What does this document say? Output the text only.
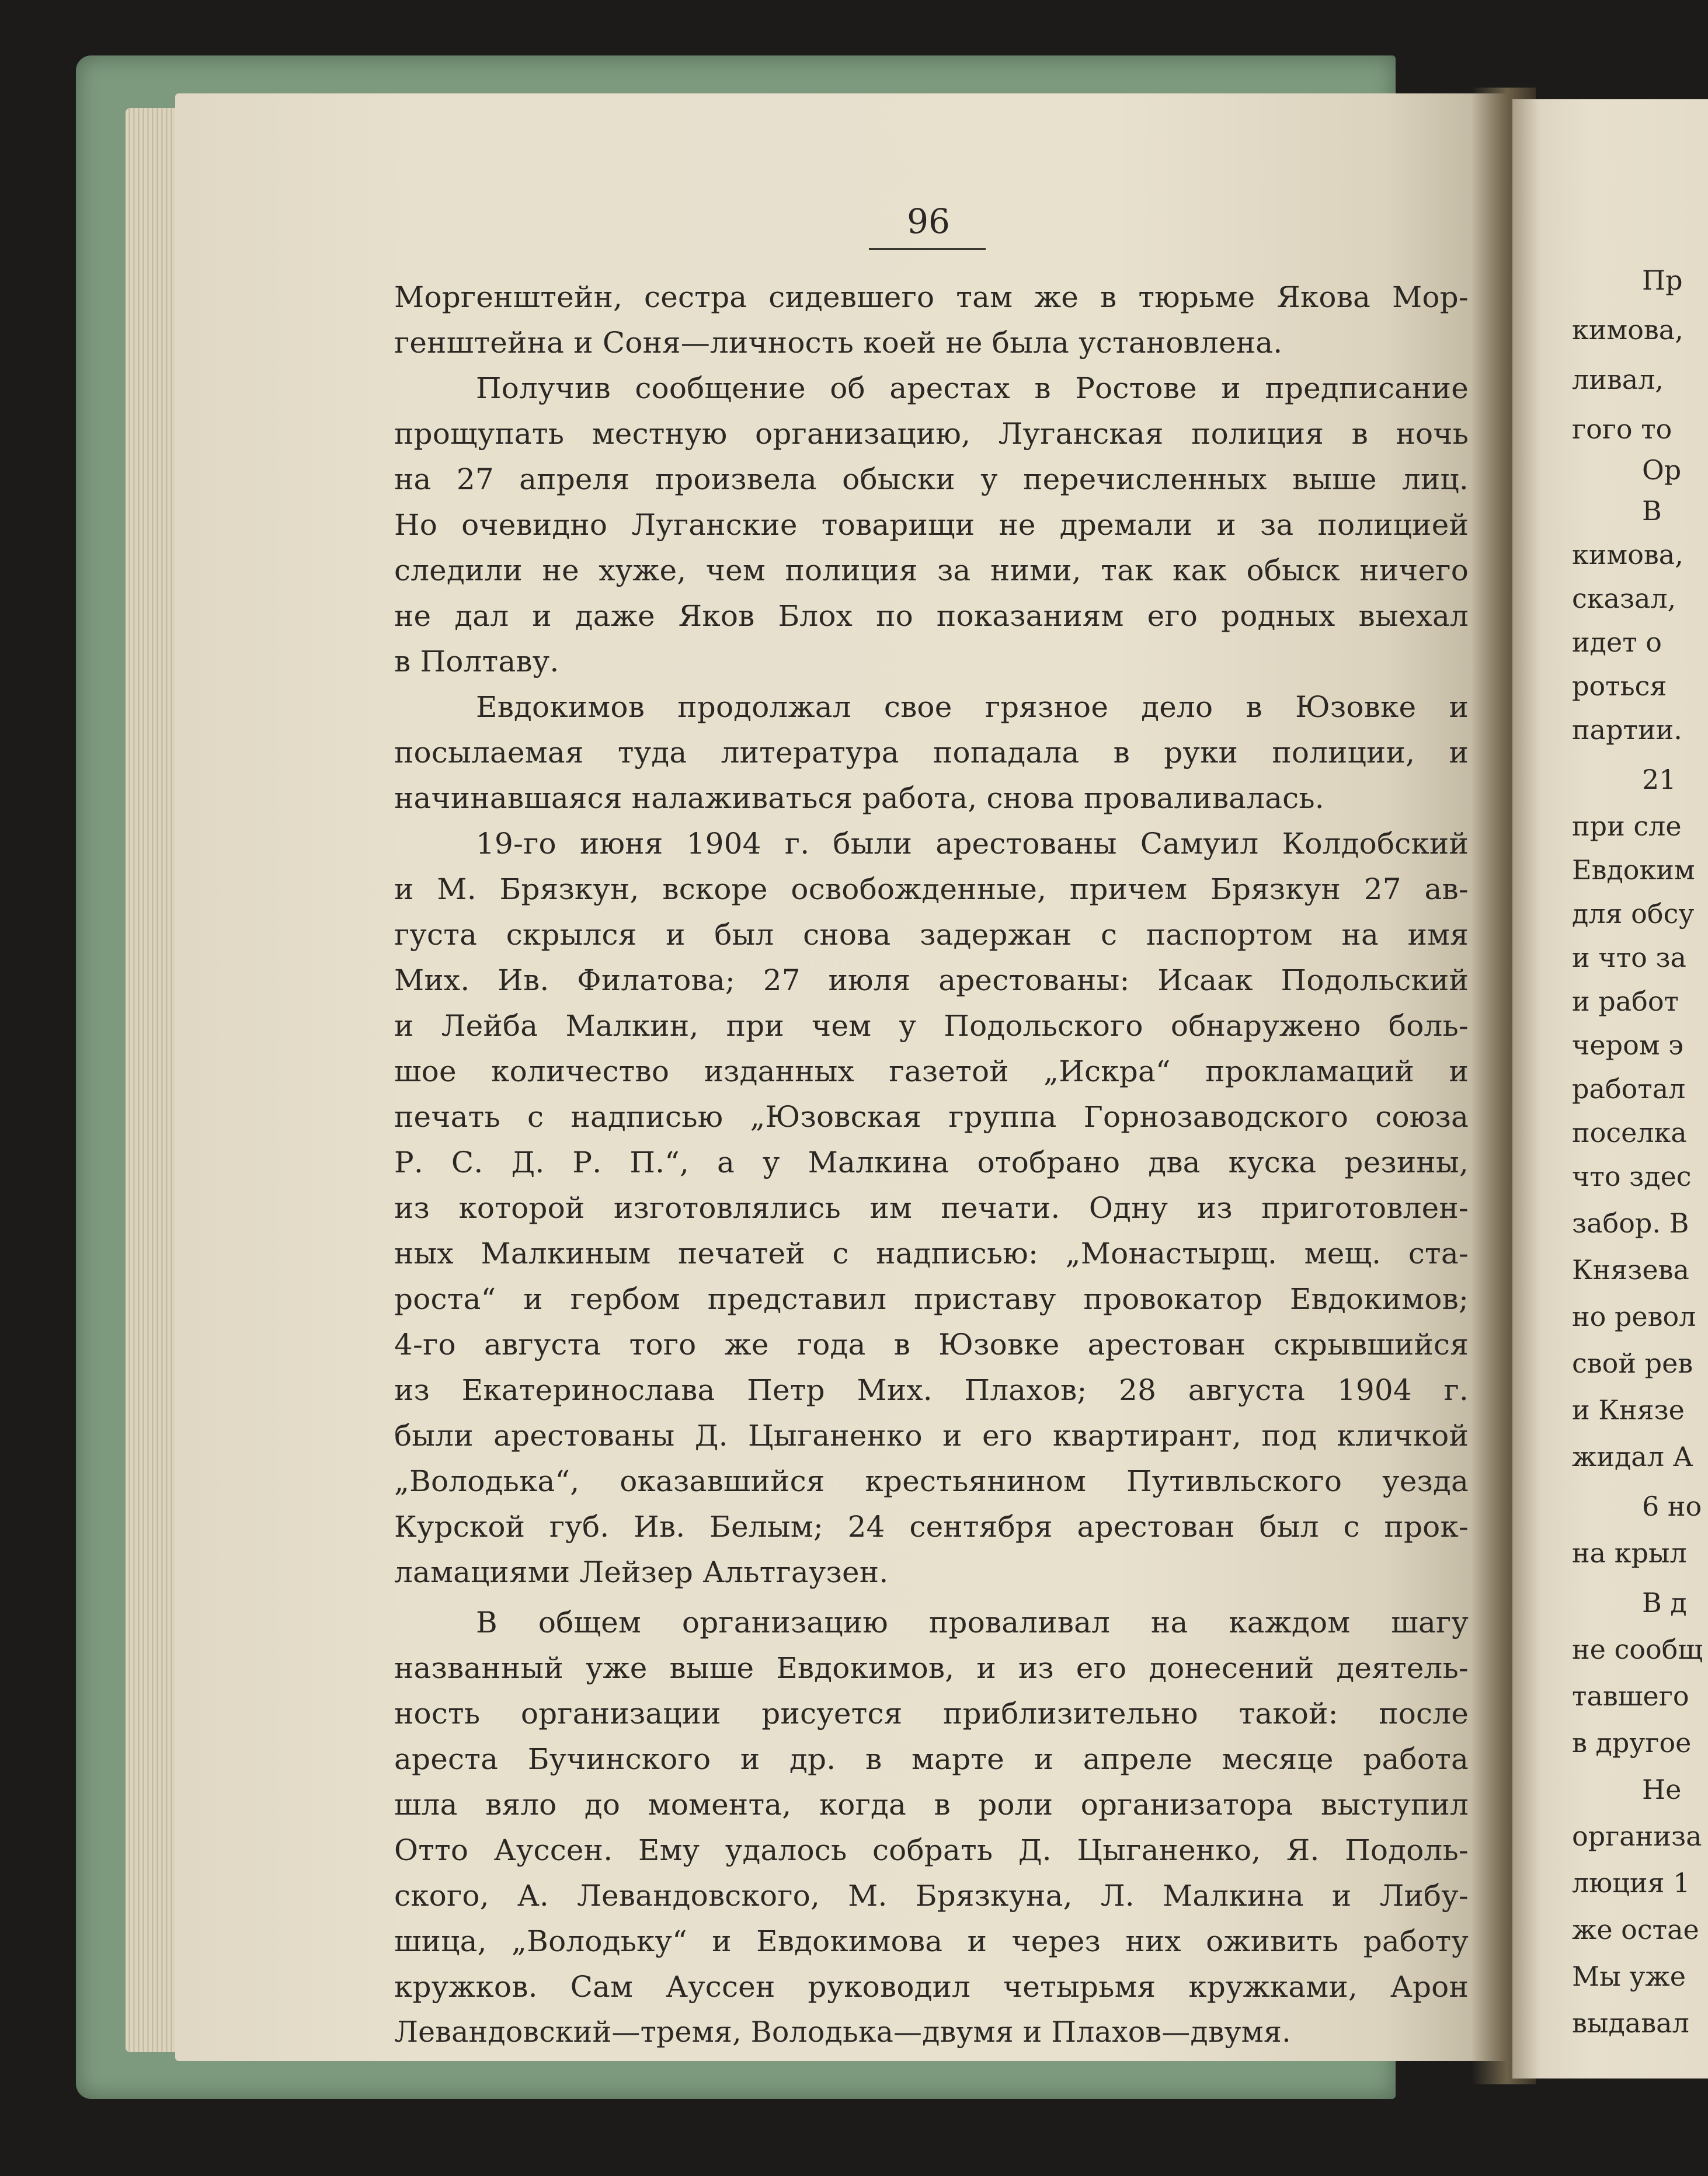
96
Моргенштейн, сестра сидевшего там же в тюрьме Якова Мор-
генштейна и Соня—личность коей не была установлена.
Получив сообщение об арестах в Ростове и предписание
прощупать местную организацию, Луганская полиция в ночь
на 27 апреля произвела обыски у перечисленных выше лиц.
Но очевидно Луганские товарищи не дремали и за полицией
следили не хуже, чем полиция за ними, так как обыск ничего
не дал и даже Яков Блох по показаниям его родных выехал
в Полтаву.
Евдокимов продолжал свое грязное дело в Юзовке и
посылаемая туда литература попадала в руки полиции, и
начинавшаяся налаживаться работа, снова проваливалась.
19-го июня 1904 г. были арестованы Самуил Колдобский
и М. Брязкун, вскоре освобожденные, причем Брязкун 27 ав-
густа скрылся и был снова задержан с паспортом на имя
Мих. Ив. Филатова; 27 июля арестованы: Исаак Подольский
и Лейба Малкин, при чем у Подольского обнаружено боль-
шое количество изданных газетой „Искра“ прокламаций и
печать с надписью „Юзовская группа Горнозаводского союза
Р. С. Д. Р. П.“, а у Малкина отобрано два куска резины,
из которой изготовлялись им печати. Одну из приготовлен-
ных Малкиным печатей с надписью: „Монастырщ. мещ. ста-
роста“ и гербом представил приставу провокатор Евдокимов;
4-го августа того же года в Юзовке арестован скрывшийся
из Екатеринослава Петр Мих. Плахов; 28 августа 1904 г.
были арестованы Д. Цыганенко и его квартирант, под кличкой
„Володька“, оказавшийся крестьянином Путивльского уезда
Курской губ. Ив. Белым; 24 сентября арестован был с прок-
ламациями Лейзер Альтгаузен.
В общем организацию проваливал на каждом шагу
названный уже выше Евдокимов, и из его донесений деятель-
ность организации рисуется приблизительно такой: после
ареста Бучинского и др. в марте и апреле месяце работа
шла вяло до момента, когда в роли организатора выступил
Отто Ауссен. Ему удалось собрать Д. Цыганенко, Я. Подоль-
ского, А. Левандовского, М. Брязкуна, Л. Малкина и Либу-
шица, „Володьку“ и Евдокимова и через них оживить работу
кружков. Сам Ауссен руководил четырьмя кружками, Арон
Левандовский—тремя, Володька—двумя и Плахов—двумя.
Пр
кимова,
ливал,
гого то
Ор
В
кимова,
сказал,
идет о
роться
партии.
21
при сле
Евдоким
для обсу
и что за
и работ
чером э
работал
поселка
что здес
забор. В
Князева
но револ
свой рев
и Князе
жидал А
6 но
на крыл
В д
не сообщ
тавшего
в другое
Не
организа
люция 1
же остае
Мы уже
выдавал
